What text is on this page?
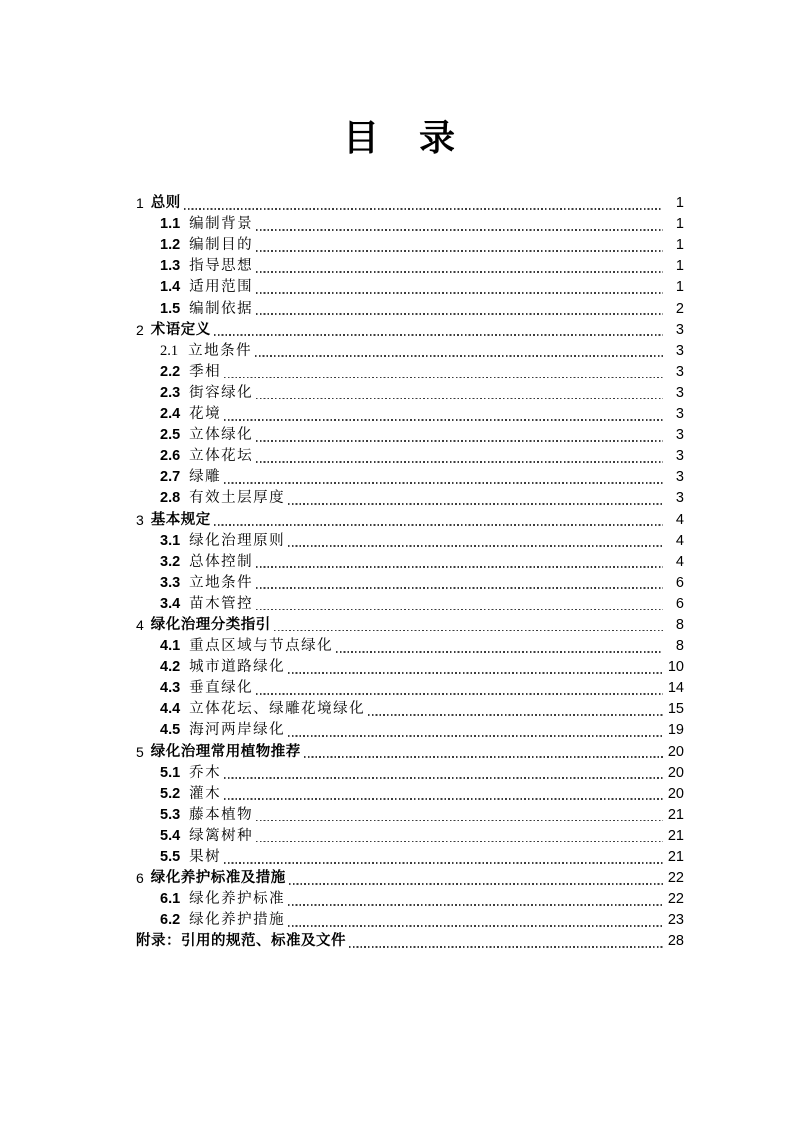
目　录
1 总则	1
1.1 编制背景	1
1.2 编制目的	1
1.3 指导思想	1
1.4 适用范围	1
1.5 编制依据	2
2 术语定义	3
2.1 立地条件	3
2.2 季相	3
2.3 街容绿化	3
2.4 花境	3
2.5 立体绿化	3
2.6 立体花坛	3
2.7 绿雕	3
2.8 有效土层厚度	3
3 基本规定	4
3.1 绿化治理原则	4
3.2 总体控制	4
3.3 立地条件	6
3.4 苗木管控	6
4 绿化治理分类指引	8
4.1 重点区域与节点绿化	8
4.2 城市道路绿化	10
4.3 垂直绿化	14
4.4 立体花坛、绿雕花境绿化	15
4.5 海河两岸绿化	19
5 绿化治理常用植物推荐	20
5.1 乔木	20
5.2 灌木	20
5.3 藤本植物	21
5.4 绿篱树种	21
5.5 果树	21
6 绿化养护标准及措施	22
6.1 绿化养护标准	22
6.2 绿化养护措施	23
附录：引用的规范、标准及文件	28
